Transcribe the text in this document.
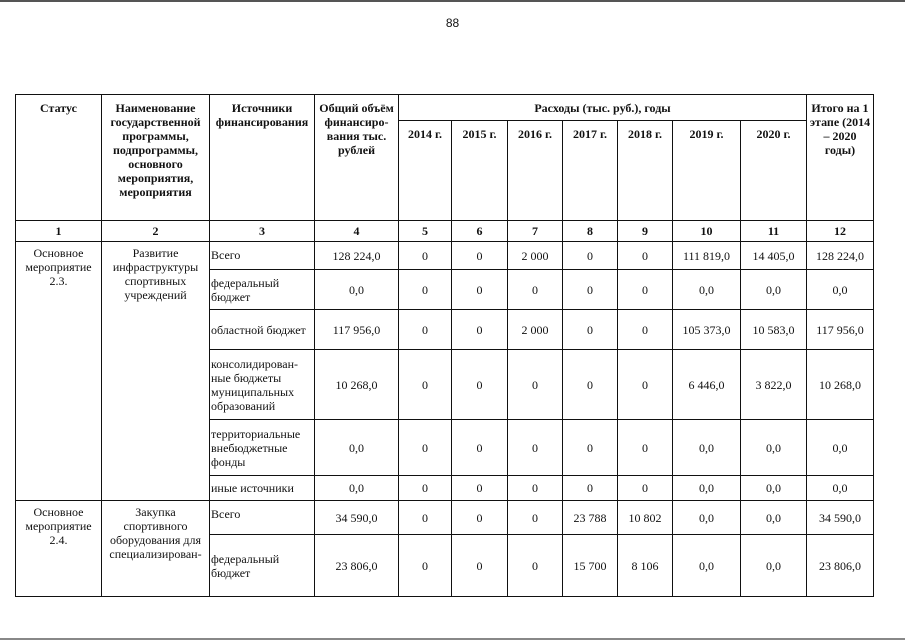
88
Статус	Наименование государственной программы, подпрограммы, основного мероприятия, мероприятия	Источники финансирования	Общий объём финансиро-вания тыс. рублей	Расходы (тыс. руб.), годы							Итого на 1 этапе (2014 – 2020 годы)
				2014 г.	2015 г.	2016 г.	2017 г.	2018 г.	2019 г.	2020 г.	
1	2	3	4	5	6	7	8	9	10	11	12
Основное мероприятие 2.3.	Развитие инфраструктуры спортивных учреждений	Всего	128 224,0	0	0	2 000	0	0	111 819,0	14 405,0	128 224,0
		федеральный бюджет	0,0	0	0	0	0	0	0,0	0,0	0,0
		областной бюджет	117 956,0	0	0	2 000	0	0	105 373,0	10 583,0	117 956,0
		консолидирован-ные бюджеты муниципальных образований	10 268,0	0	0	0	0	0	6 446,0	3 822,0	10 268,0
		территориальные внебюджетные фонды	0,0	0	0	0	0	0	0,0	0,0	0,0
		иные источники	0,0	0	0	0	0	0	0,0	0,0	0,0
Основное мероприятие 2.4.	Закупка спортивного оборудования для специализирован-	Всего	34 590,0	0	0	0	23 788	10 802	0,0	0,0	34 590,0
		федеральный бюджет	23 806,0	0	0	0	15 700	8 106	0,0	0,0	23 806,0
